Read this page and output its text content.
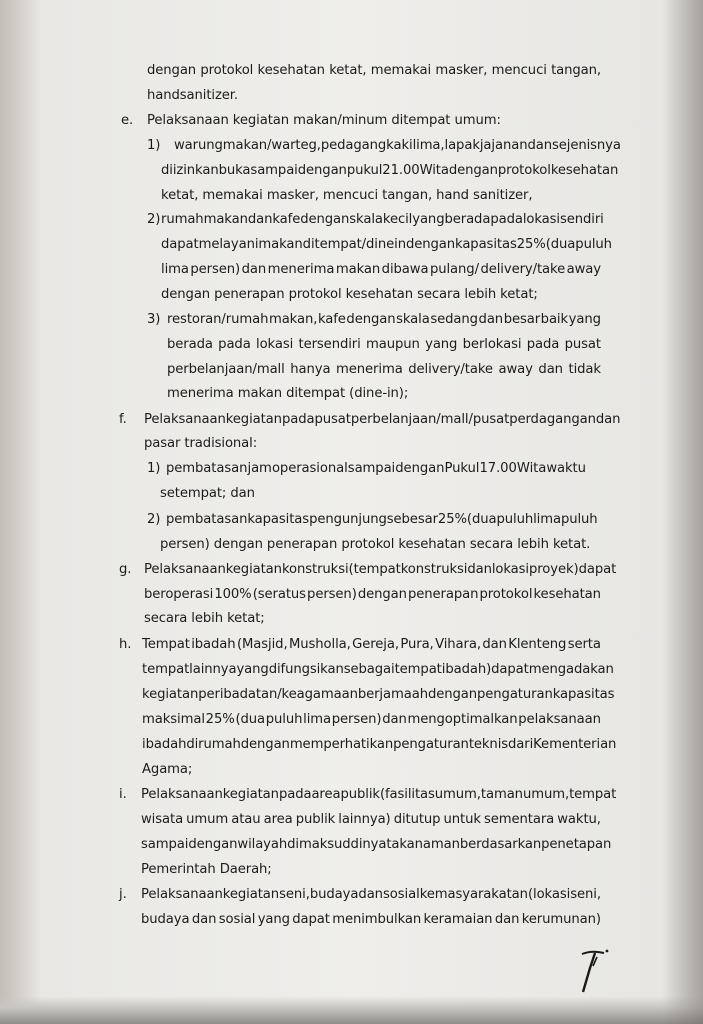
dengan protokol kesehatan ketat, memakai masker, mencuci tangan,
handsanitizer.
e. Pelaksanaan kegiatan makan/minum ditempat umum:
1) warung makan/warteg, pedagang kaki lima, lapak jajanan dan sejenisnya
diizinkan buka sampai dengan pukul 21.00 Wita dengan protokol kesehatan
ketat, memakai masker, mencuci tangan, hand sanitizer,
2) rumah makan dan kafe dengan skala kecil yang berada pada lokasi sendiri
dapat melayani makan ditempat/dine in dengan kapasitas 25% (dua puluh
lima persen) dan menerima makan dibawa pulang/ delivery/take away
dengan penerapan protokol kesehatan secara lebih ketat;
3) restoran/rumah makan, kafe dengan skala sedang dan besar baik yang
berada pada lokasi tersendiri maupun yang berlokasi pada pusat
perbelanjaan/mall hanya menerima delivery/take away dan tidak
menerima makan ditempat (dine-in);
f. Pelaksanaan kegiatan pada pusat perbelanjaan/mall/pusat perdagangan dan
pasar tradisional:
1) pembatasan jam operasional sampai dengan Pukul 17.00 Wita waktu
setempat; dan
2) pembatasan kapasitas pengunjung sebesar 25% (dua puluh lima puluh
persen) dengan penerapan protokol kesehatan secara lebih ketat.
g. Pelaksanaan kegiatan konstruksi (tempat konstruksi dan lokasi proyek) dapat
beroperasi 100% (seratus persen) dengan penerapan protokol kesehatan
secara lebih ketat;
h. Tempat ibadah (Masjid, Musholla, Gereja, Pura, Vihara, dan Klenteng serta
tempat lainnya yang difungsikan sebagai tempat ibadah) dapat mengadakan
kegiatan peribadatan/keagamaan berjamaah dengan pengaturan kapasitas
maksimal 25% (dua puluh lima persen) dan mengoptimalkan pelaksanaan
ibadah di rumah dengan memperhatikan pengaturan teknis dari Kementerian
Agama;
i. Pelaksanaan kegiatan pada area publik (fasilitas umum, taman umum, tempat
wisata umum atau area publik lainnya) ditutup untuk sementara waktu,
sampai dengan wilayah dimaksud dinyatakan aman berdasarkan penetapan
Pemerintah Daerah;
j. Pelaksanaan kegiatan seni, budaya dan sosial kemasyarakatan (lokasi seni,
budaya dan sosial yang dapat menimbulkan keramaian dan kerumunan)
